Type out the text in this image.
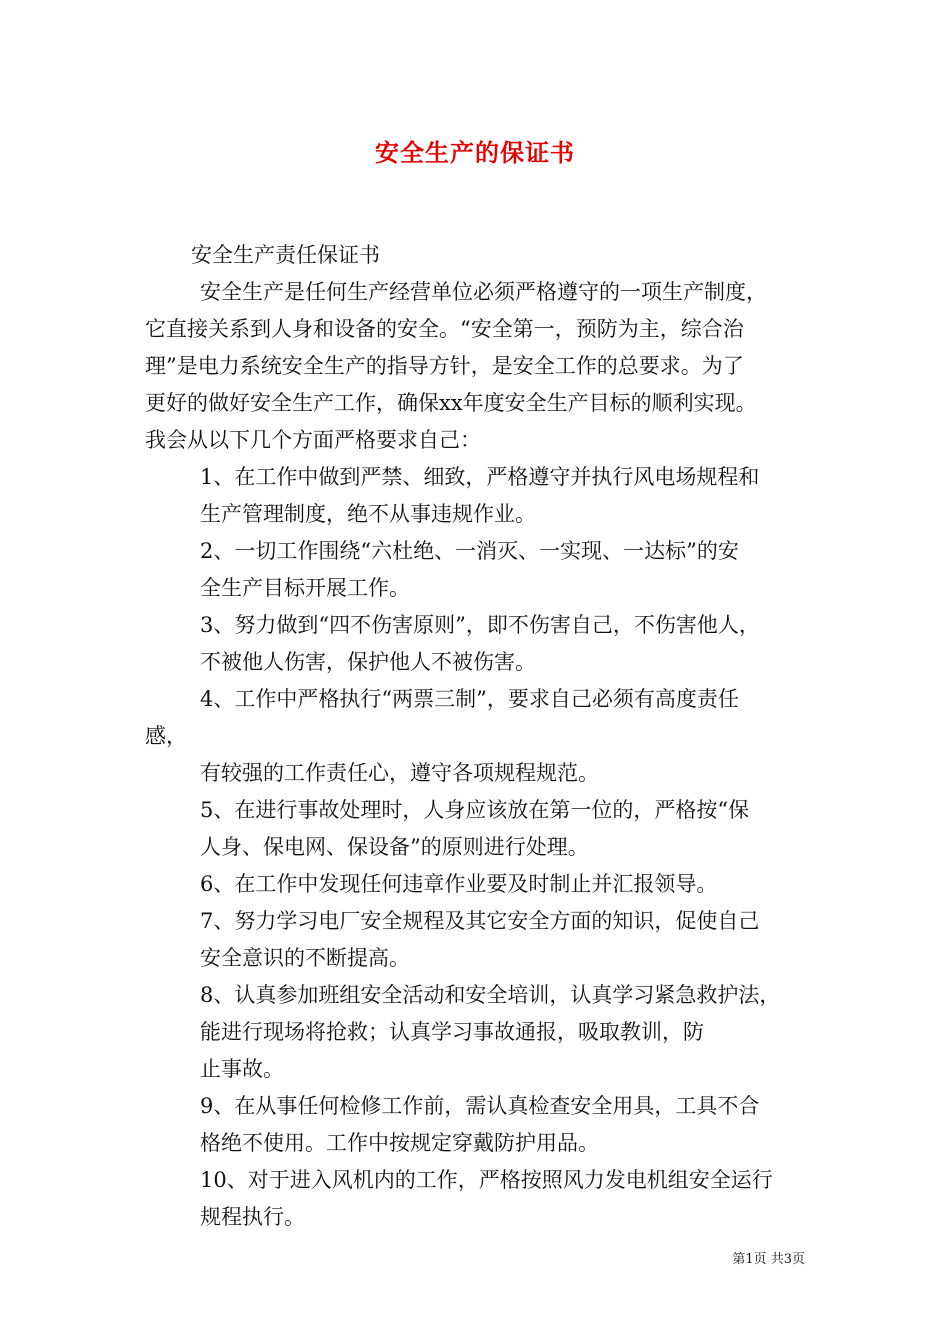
安全生产的保证书
安全生产责任保证书
安全生产是任何生产经营单位必须严格遵守的一项生产制度，
它直接关系到人身和设备的安全。“安全第一，预防为主，综合治
理”是电力系统安全生产的指导方针，是安全工作的总要求。为了
更好的做好安全生产工作，确保xx年度安全生产目标的顺利实现。
我会从以下几个方面严格要求自己：
1、在工作中做到严禁、细致，严格遵守并执行风电场规程和
生产管理制度，绝不从事违规作业。
2、一切工作围绕“六杜绝、一消灭、一实现、一达标”的安
全生产目标开展工作。
3、努力做到“四不伤害原则”，即不伤害自己，不伤害他人，
不被他人伤害，保护他人不被伤害。
4、工作中严格执行“两票三制”，要求自己必须有高度责任
感，
有较强的工作责任心，遵守各项规程规范。
5、在进行事故处理时，人身应该放在第一位的，严格按“保
人身、保电网、保设备”的原则进行处理。
6、在工作中发现任何违章作业要及时制止并汇报领导。
7、努力学习电厂安全规程及其它安全方面的知识，促使自己
安全意识的不断提高。
8、认真参加班组安全活动和安全培训，认真学习紧急救护法，
能进行现场将抢救；认真学习事故通报，吸取教训，防
止事故。
9、在从事任何检修工作前，需认真检查安全用具，工具不合
格绝不使用。工作中按规定穿戴防护用品。
10、对于进入风机内的工作，严格按照风力发电机组安全运行
规程执行。
第1页 共3页
